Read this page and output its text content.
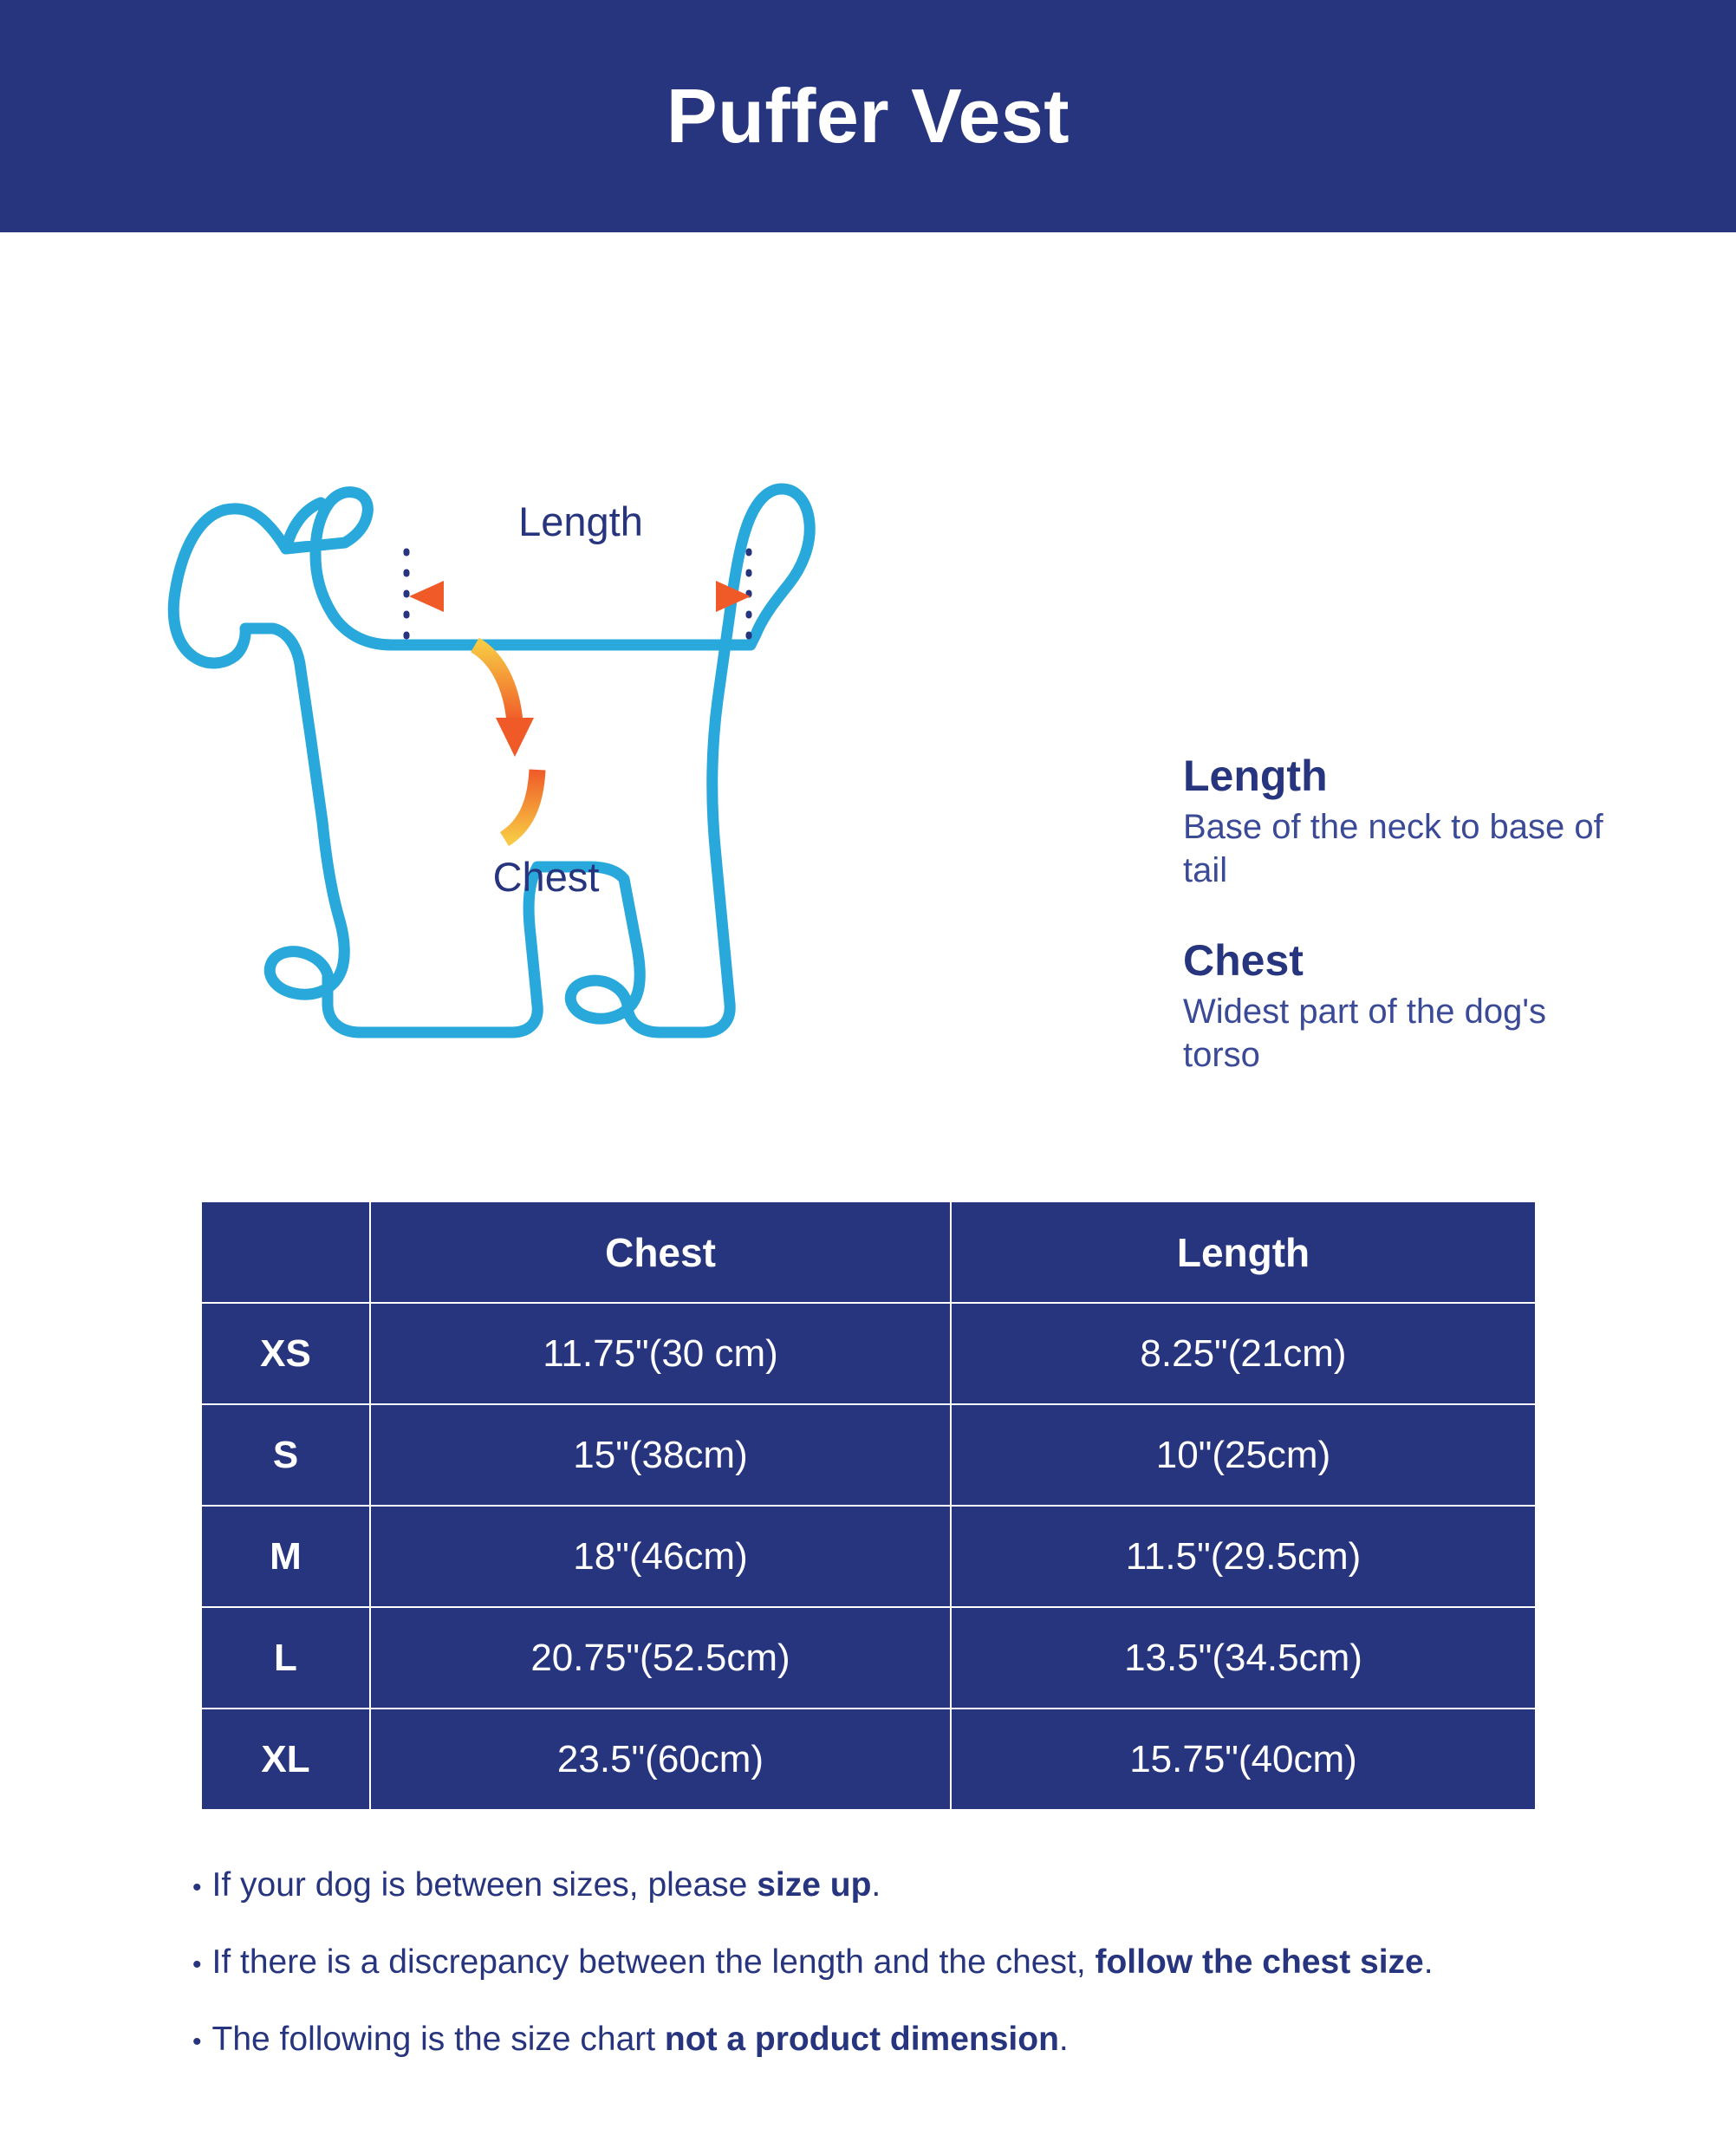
Puffer Vest
Length
Chest
Length
Base of the neck to base of tail
Chest
Widest part of the dog's torso
	Chest	Length
XS	11.75"(30 cm)	8.25"(21cm)
S	15"(38cm)	10"(25cm)
M	18"(46cm)	11.5"(29.5cm)
L	20.75"(52.5cm)	13.5"(34.5cm)
XL	23.5"(60cm)	15.75"(40cm)
• If your dog is between sizes, please size up.
• If there is a discrepancy between the length and the chest, follow the chest size.
• The following is the size chart not a product dimension.
